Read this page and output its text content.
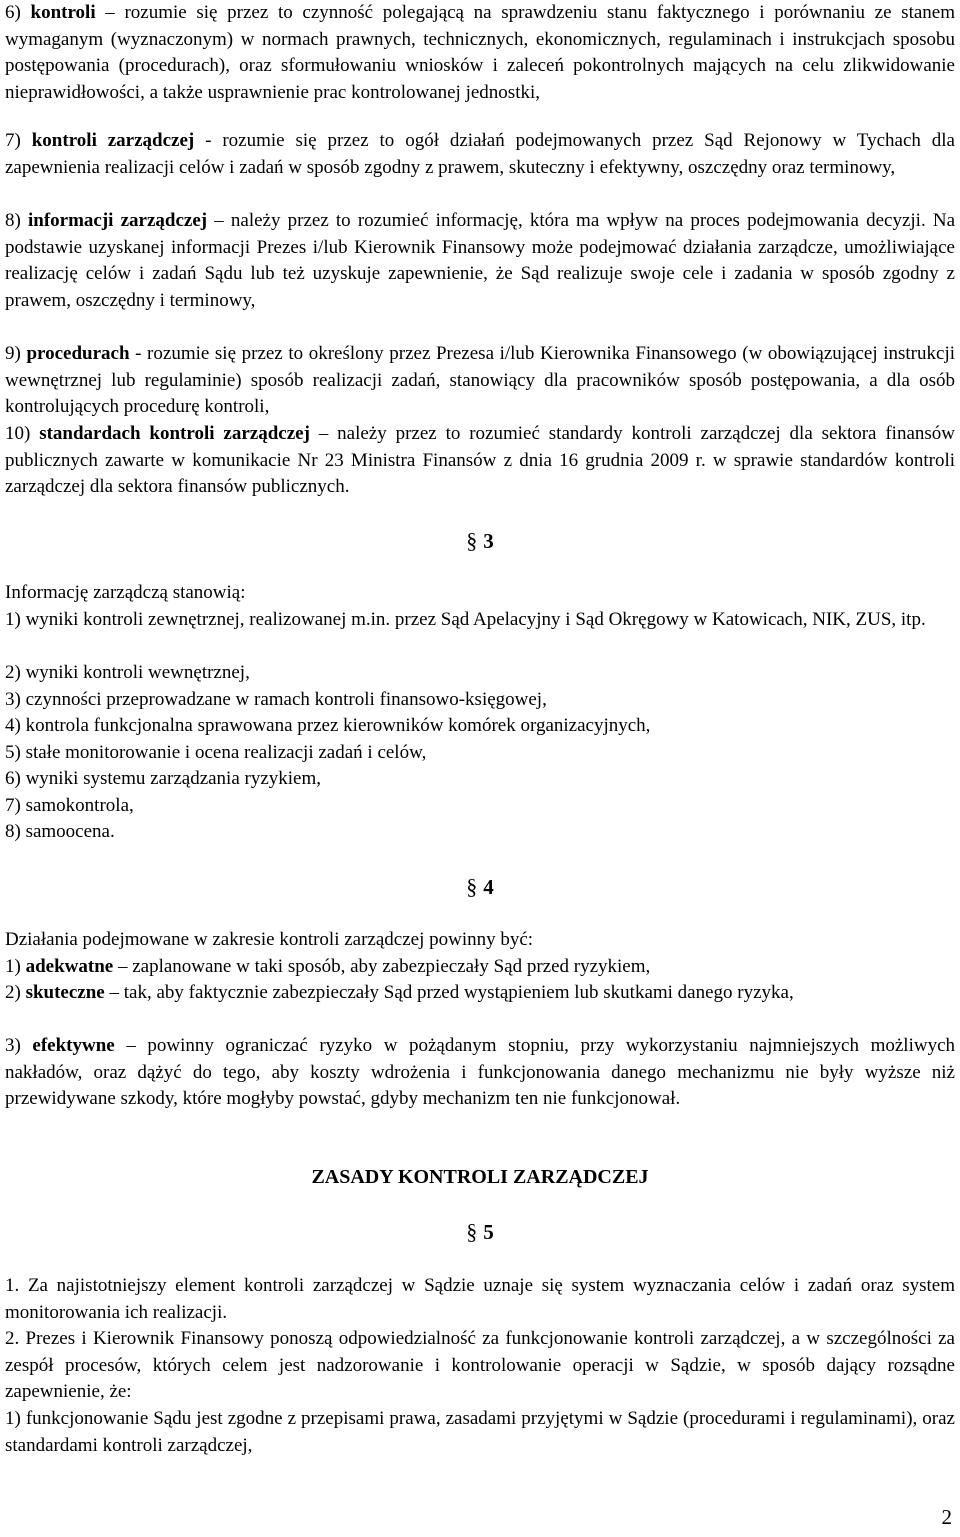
6) kontroli – rozumie się przez to czynność polegającą na sprawdzeniu stanu faktycznego i porównaniu ze stanem wymaganym (wyznaczonym) w normach prawnych, technicznych, ekonomicznych, regulaminach i instrukcjach sposobu postępowania (procedurach), oraz sformułowaniu wniosków i zaleceń pokontrolnych mających na celu zlikwidowanie nieprawidłowości, a także usprawnienie prac kontrolowanej jednostki,
7) kontroli zarządczej - rozumie się przez to ogół działań podejmowanych przez Sąd Rejonowy w Tychach dla zapewnienia realizacji celów i zadań w sposób zgodny z prawem, skuteczny i efektywny, oszczędny oraz terminowy,
8) informacji zarządczej – należy przez to rozumieć informację, która ma wpływ na proces podejmowania decyzji. Na podstawie uzyskanej informacji Prezes i/lub Kierownik Finansowy może podejmować działania zarządcze, umożliwiające realizację celów i zadań Sądu lub też uzyskuje zapewnienie, że Sąd realizuje swoje cele i zadania w sposób zgodny z prawem, oszczędny i terminowy,
9) procedurach - rozumie się przez to określony przez Prezesa i/lub Kierownika Finansowego (w obowiązującej instrukcji wewnętrznej lub regulaminie) sposób realizacji zadań, stanowiący dla pracowników sposób postępowania, a dla osób kontrolujących procedurę kontroli,
10) standardach kontroli zarządczej – należy przez to rozumieć standardy kontroli zarządczej dla sektora finansów publicznych zawarte w komunikacie Nr 23 Ministra Finansów z dnia 16 grudnia 2009 r. w sprawie standardów kontroli zarządczej dla sektora finansów publicznych.
§ 3
Informację zarządczą stanowią:
1) wyniki kontroli zewnętrznej, realizowanej m.in. przez Sąd Apelacyjny i Sąd Okręgowy w Katowicach, NIK, ZUS, itp.
2) wyniki kontroli wewnętrznej,
3) czynności przeprowadzane w ramach kontroli finansowo-księgowej,
4) kontrola funkcjonalna sprawowana przez kierowników komórek organizacyjnych,
5) stałe monitorowanie i ocena realizacji zadań i celów,
6) wyniki systemu zarządzania ryzykiem,
7) samokontrola,
8) samoocena.
§ 4
Działania podejmowane w zakresie kontroli zarządczej powinny być:
1) adekwatne – zaplanowane w taki sposób, aby zabezpieczały Sąd przed ryzykiem,
2) skuteczne – tak, aby faktycznie zabezpieczały Sąd przed wystąpieniem lub skutkami danego ryzyka,
3) efektywne – powinny ograniczać ryzyko w pożądanym stopniu, przy wykorzystaniu najmniejszych możliwych nakładów, oraz dążyć do tego, aby koszty wdrożenia i funkcjonowania danego mechanizmu nie były wyższe niż przewidywane szkody, które mogłyby powstać, gdyby mechanizm ten nie funkcjonował.
ZASADY KONTROLI ZARZĄDCZEJ
§ 5
1. Za najistotniejszy element kontroli zarządczej w Sądzie uznaje się system wyznaczania celów i zadań oraz system monitorowania ich realizacji.
2. Prezes i Kierownik Finansowy ponoszą odpowiedzialność za funkcjonowanie kontroli zarządczej, a w szczególności za zespół procesów, których celem jest nadzorowanie i kontrolowanie operacji w Sądzie, w sposób dający rozsądne zapewnienie, że:
1) funkcjonowanie Sądu jest zgodne z przepisami prawa, zasadami przyjętymi w Sądzie (procedurami i regulaminami), oraz standardami kontroli zarządczej,
2
